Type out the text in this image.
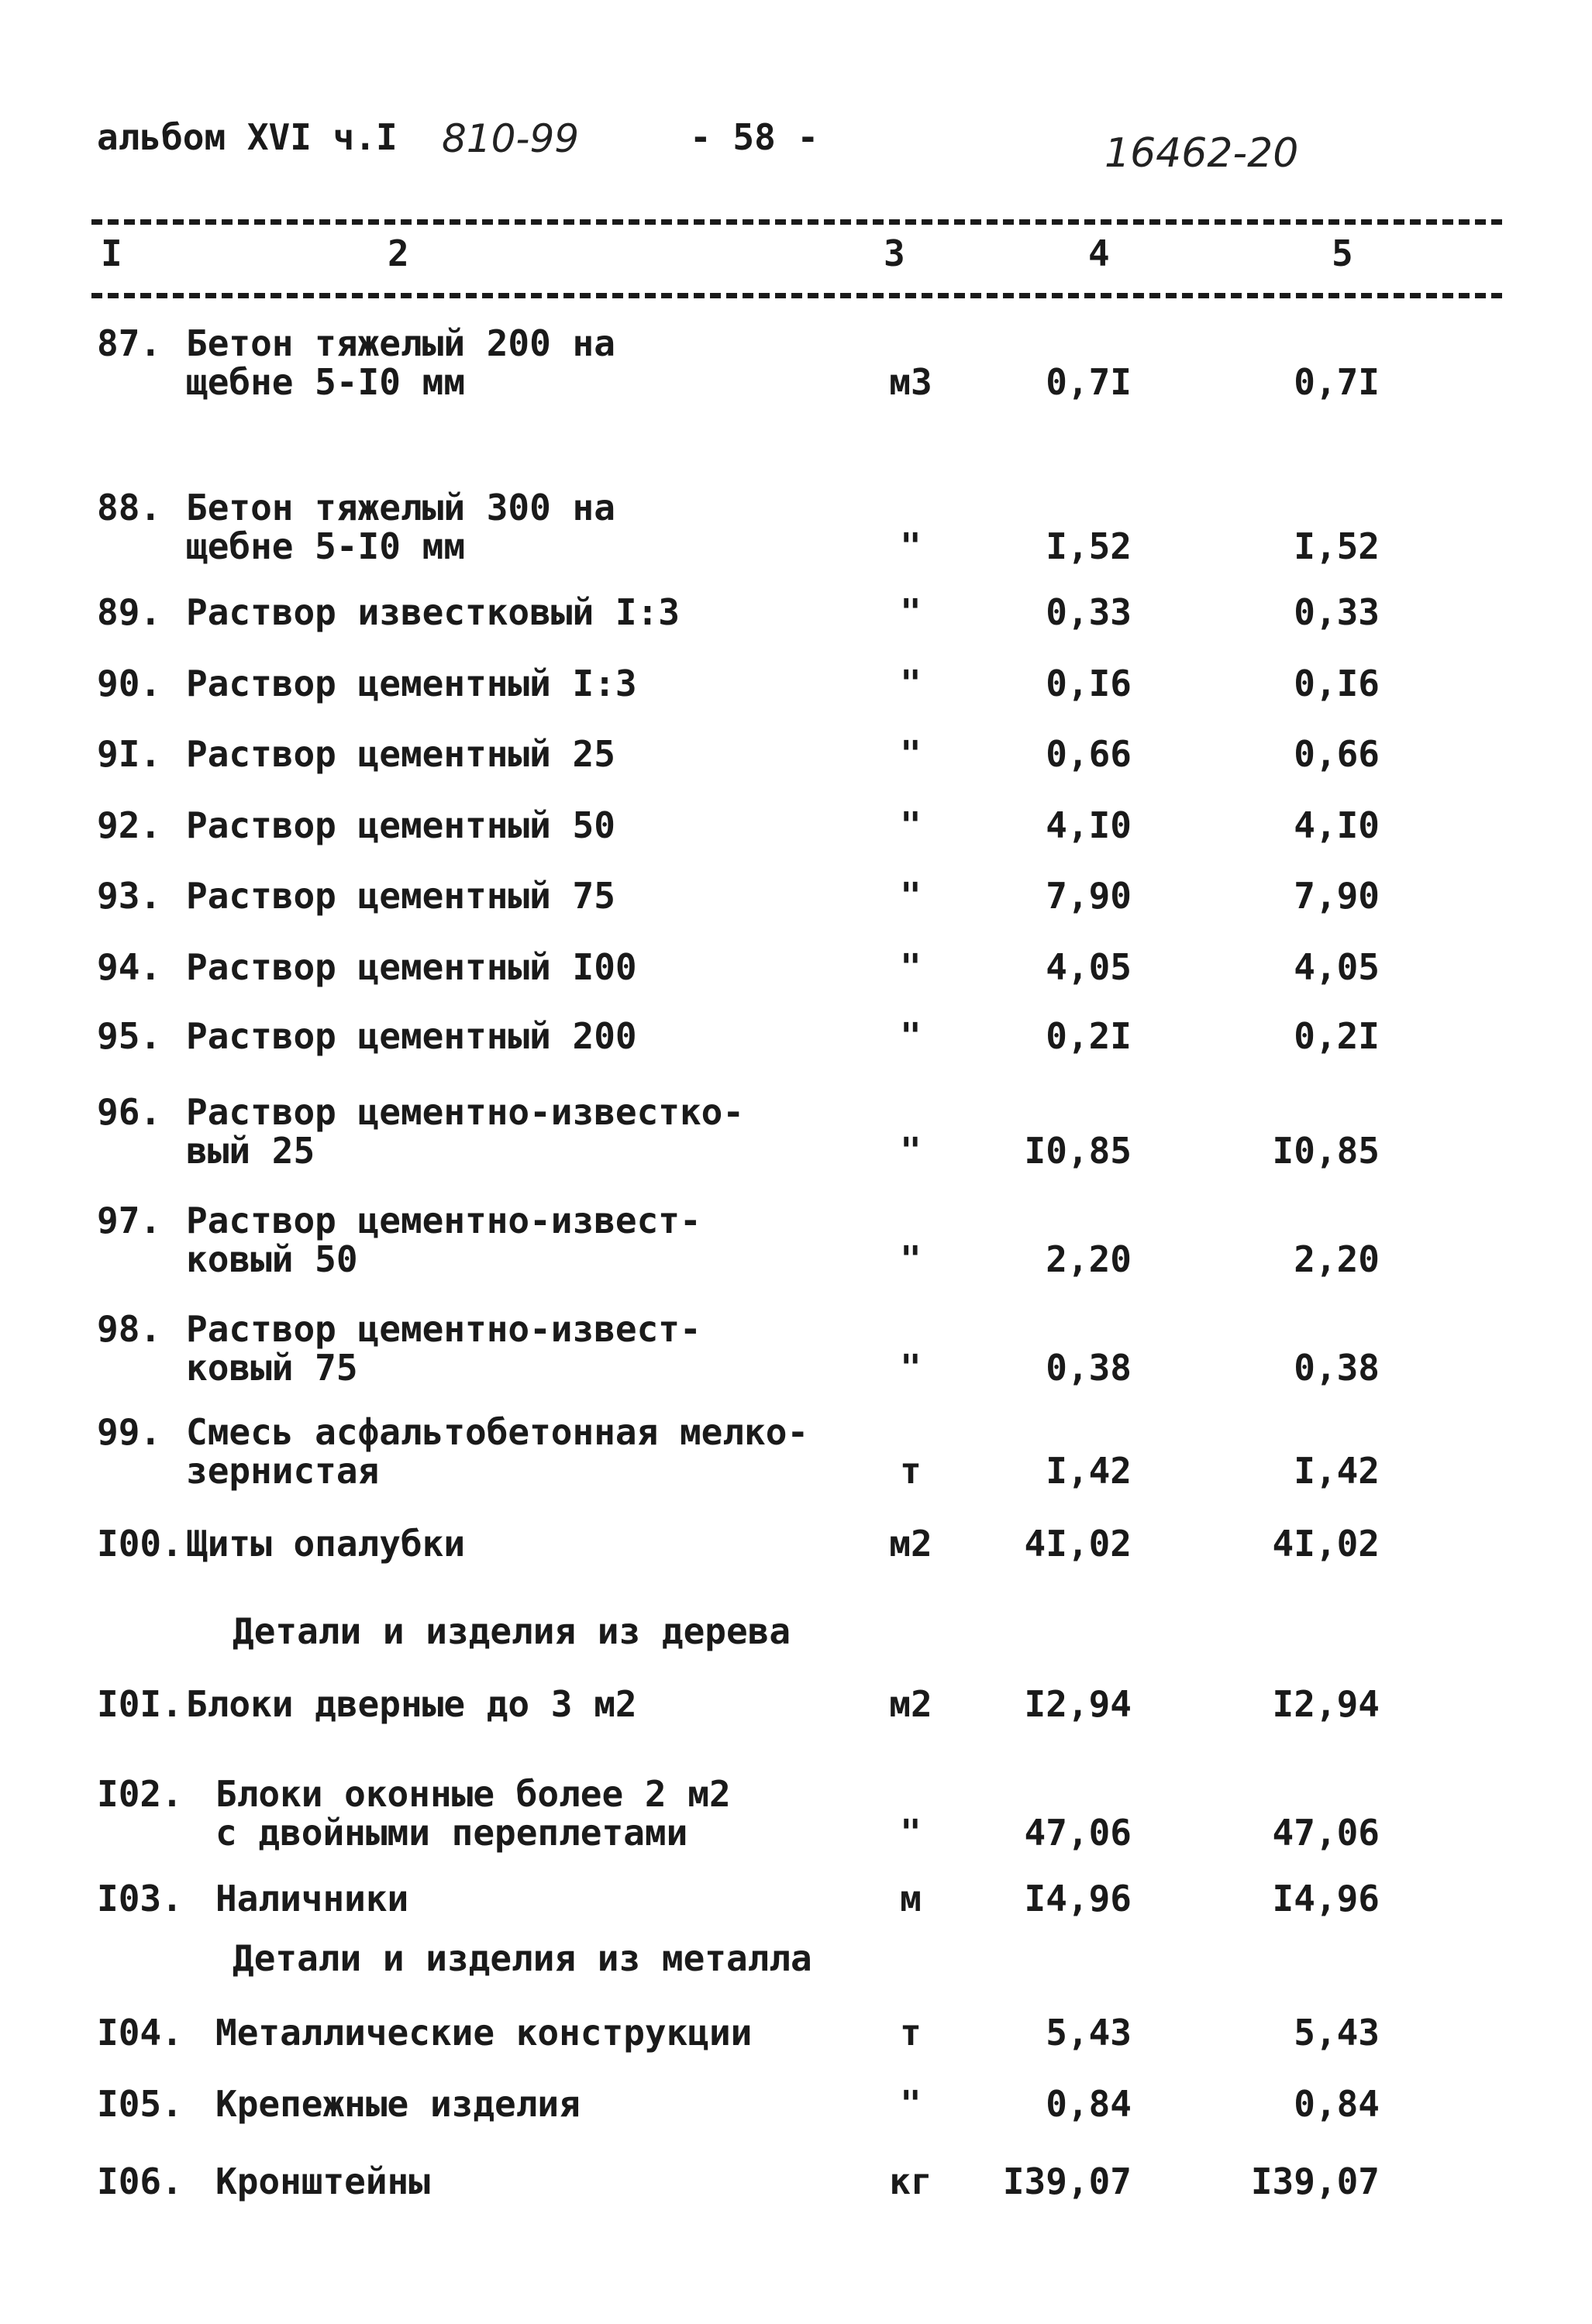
альбом XVI ч.I 810-99	- 58 -	16462-20
I	2	3	4	5
87. Бетон тяжелый 200 на
щебне 5-I0 мм	м3	0,7I	0,7I
88. Бетон тяжелый 300 на
щебне 5-I0 мм	"	I,52	I,52
89. Раствор известковый I:3	"	0,33	0,33
90. Раствор цементный I:3	"	0,I6	0,I6
9I. Раствор цементный 25	"	0,66	0,66
92. Раствор цементный 50	"	4,I0	4,I0
93. Раствор цементный 75	"	7,90	7,90
94. Раствор цементный I00	"	4,05	4,05
95. Раствор цементный 200	"	0,2I	0,2I
96. Раствор цементно-известко-
вый 25	"	I0,85	I0,85
97. Раствор цементно-извест-
ковый 50	"	2,20	2,20
98. Раствор цементно-извест-
ковый 75	"	0,38	0,38
99. Смесь асфальтобетонная мелко-
зернистая	т	I,42	I,42
I00. Щиты опалубки	м2	4I,02	4I,02
I0I. Блоки дверные до 3 м2	м2	I2,94	I2,94
I02. Блоки оконные более 2 м2
с двойными переплетами	"	47,06	47,06
I03. Наличники	м	I4,96	I4,96
I04. Металлические конструкции	т	5,43	5,43
I05. Крепежные изделия	"	0,84	0,84
I06. Кронштейны	кг	I39,07	I39,07
Детали и изделия из дерева
Детали и изделия из металла
